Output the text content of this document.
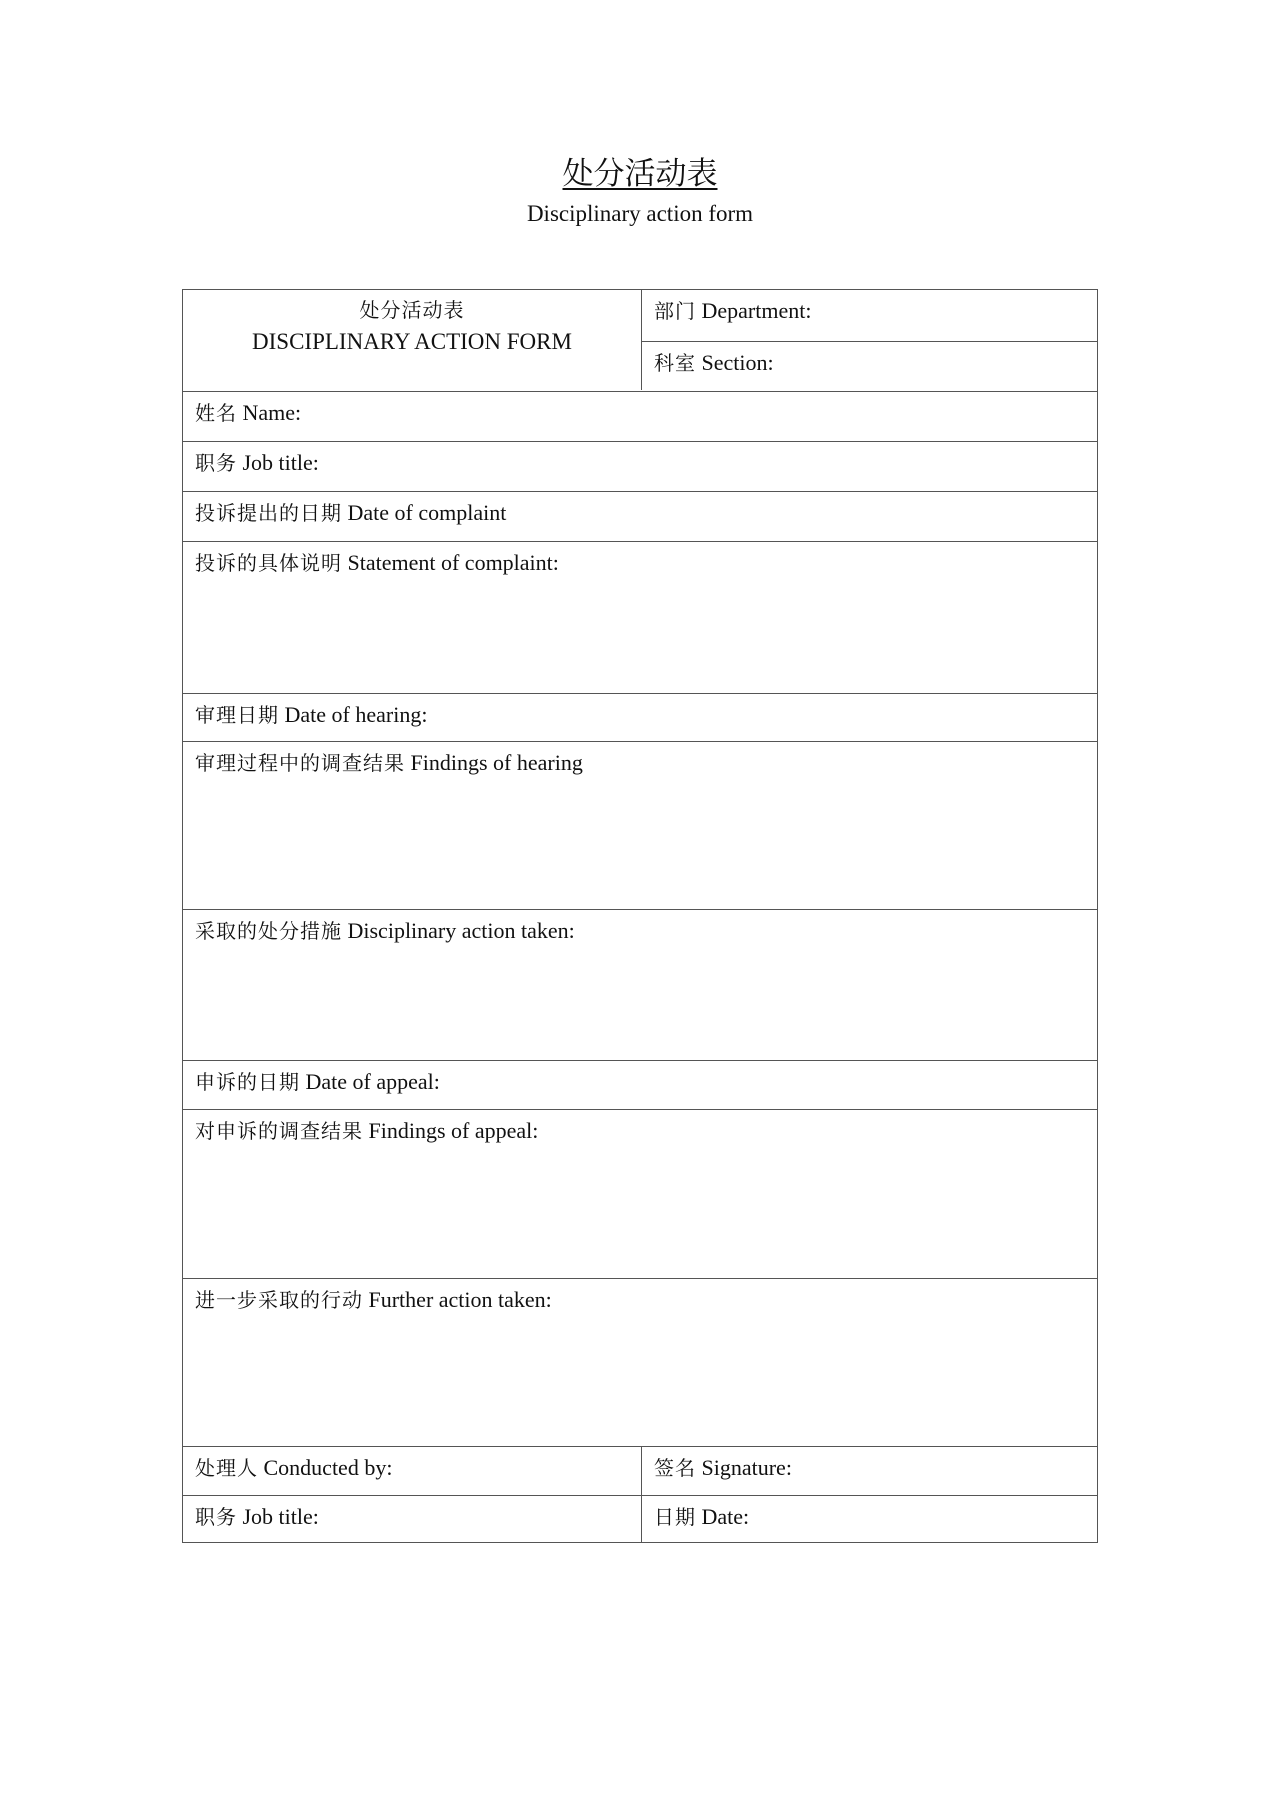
处分活动表
Disciplinary action form
处分活动表
DISCIPLINARY ACTION FORM
部门 Department:
科室 Section:
姓名 Name:
职务 Job title:
投诉提出的日期 Date of complaint
投诉的具体说明 Statement of complaint:
审理日期 Date of hearing:
审理过程中的调查结果 Findings of hearing
采取的处分措施 Disciplinary action taken:
申诉的日期 Date of appeal:
对申诉的调查结果 Findings of appeal:
进一步采取的行动 Further action taken:
处理人 Conducted by:	签名 Signature:
职务 Job title:	日期 Date:
